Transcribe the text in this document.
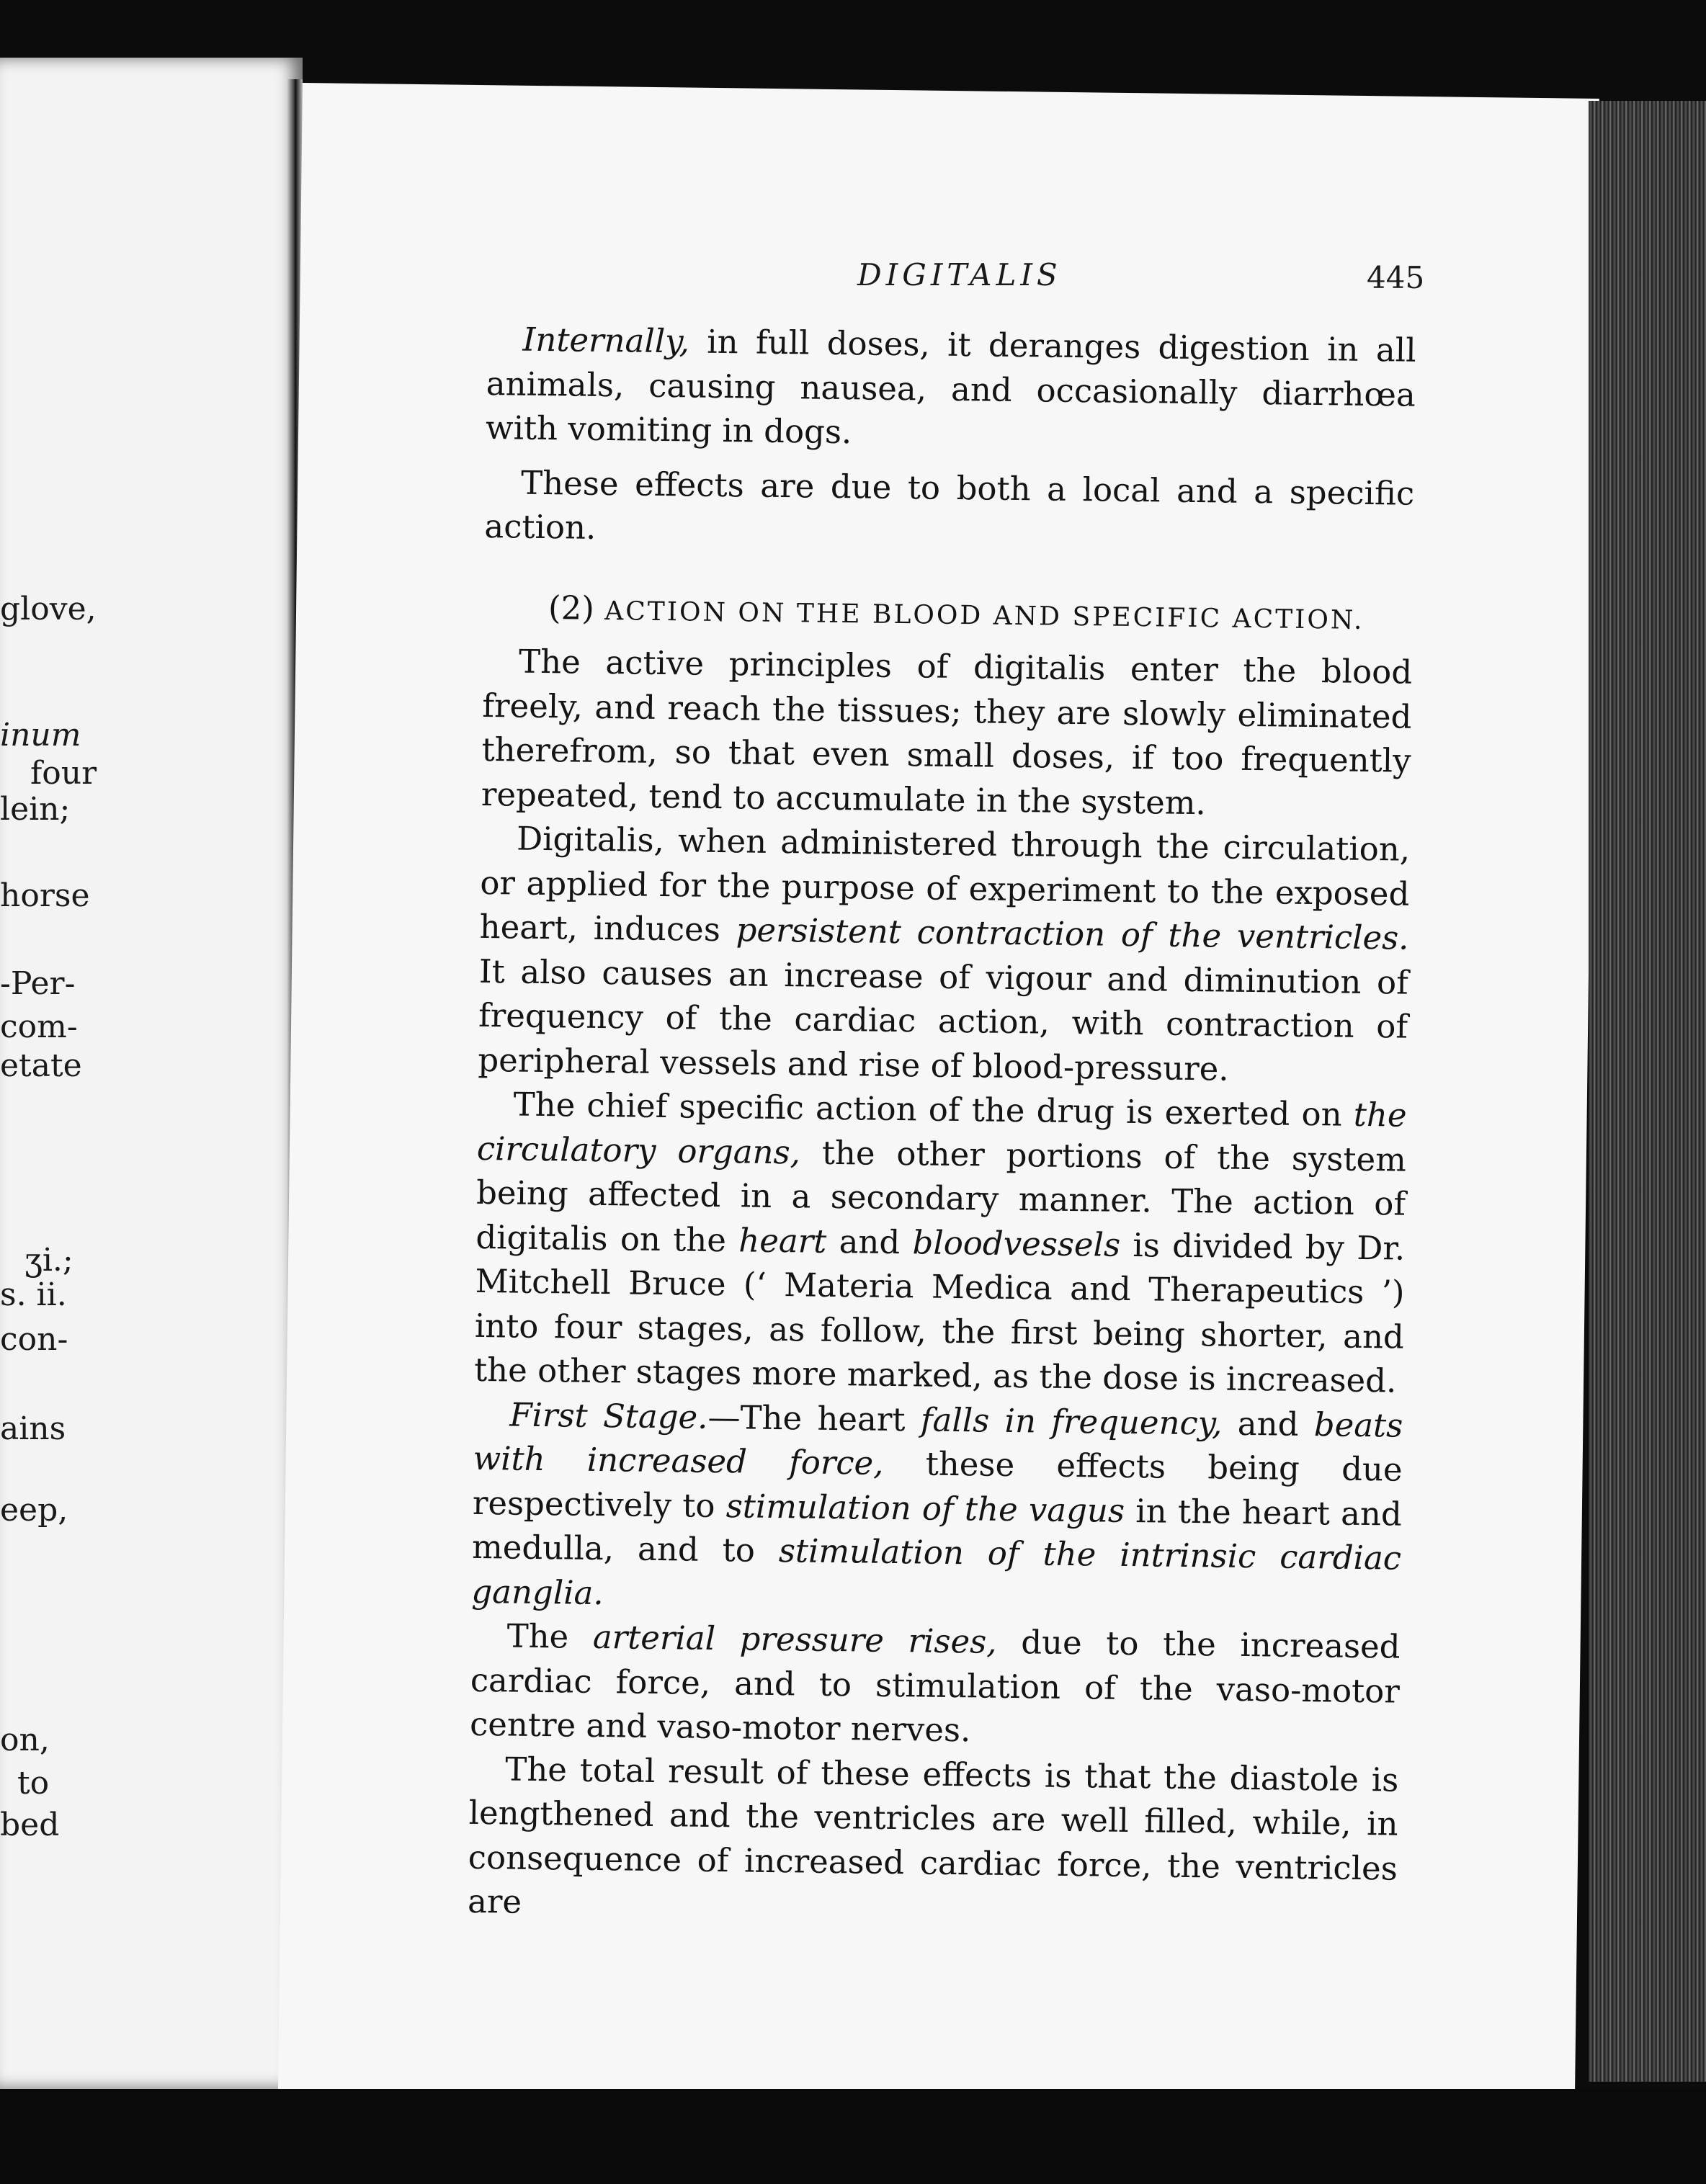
glove,
inum
four
lein;
horse
-Per-
com-
etate
ʒi.;
s. ii.
con-
ains
eep,
on,
to
bed
DIGITALIS	445

Internally, in full doses, it deranges digestion in all animals, causing nausea, and occasionally diarrhœa with vomiting in dogs.

These effects are due to both a local and a specific action.

(2) ACTION ON THE BLOOD AND SPECIFIC ACTION.

The active principles of digitalis enter the blood freely, and reach the tissues; they are slowly eliminated therefrom, so that even small doses, if too frequently repeated, tend to accumulate in the system.

Digitalis, when administered through the circulation, or applied for the purpose of experiment to the exposed heart, induces persistent contraction of the ventricles. It also causes an increase of vigour and diminution of frequency of the cardiac action, with contraction of peripheral vessels and rise of blood-pressure.

The chief specific action of the drug is exerted on the circulatory organs, the other portions of the system being affected in a secondary manner. The action of digitalis on the heart and bloodvessels is divided by Dr. Mitchell Bruce (‘ Materia Medica and Therapeutics ’) into four stages, as follow, the first being shorter, and the other stages more marked, as the dose is increased.

First Stage.—The heart falls in frequency, and beats with increased force, these effects being due respectively to stimulation of the vagus in the heart and medulla, and to stimulation of the intrinsic cardiac ganglia.

The arterial pressure rises, due to the increased cardiac force, and to stimulation of the vaso-motor centre and vaso-motor nerves.

The total result of these effects is that the diastole is lengthened and the ventricles are well filled, while, in consequence of increased cardiac force, the ventricles are
